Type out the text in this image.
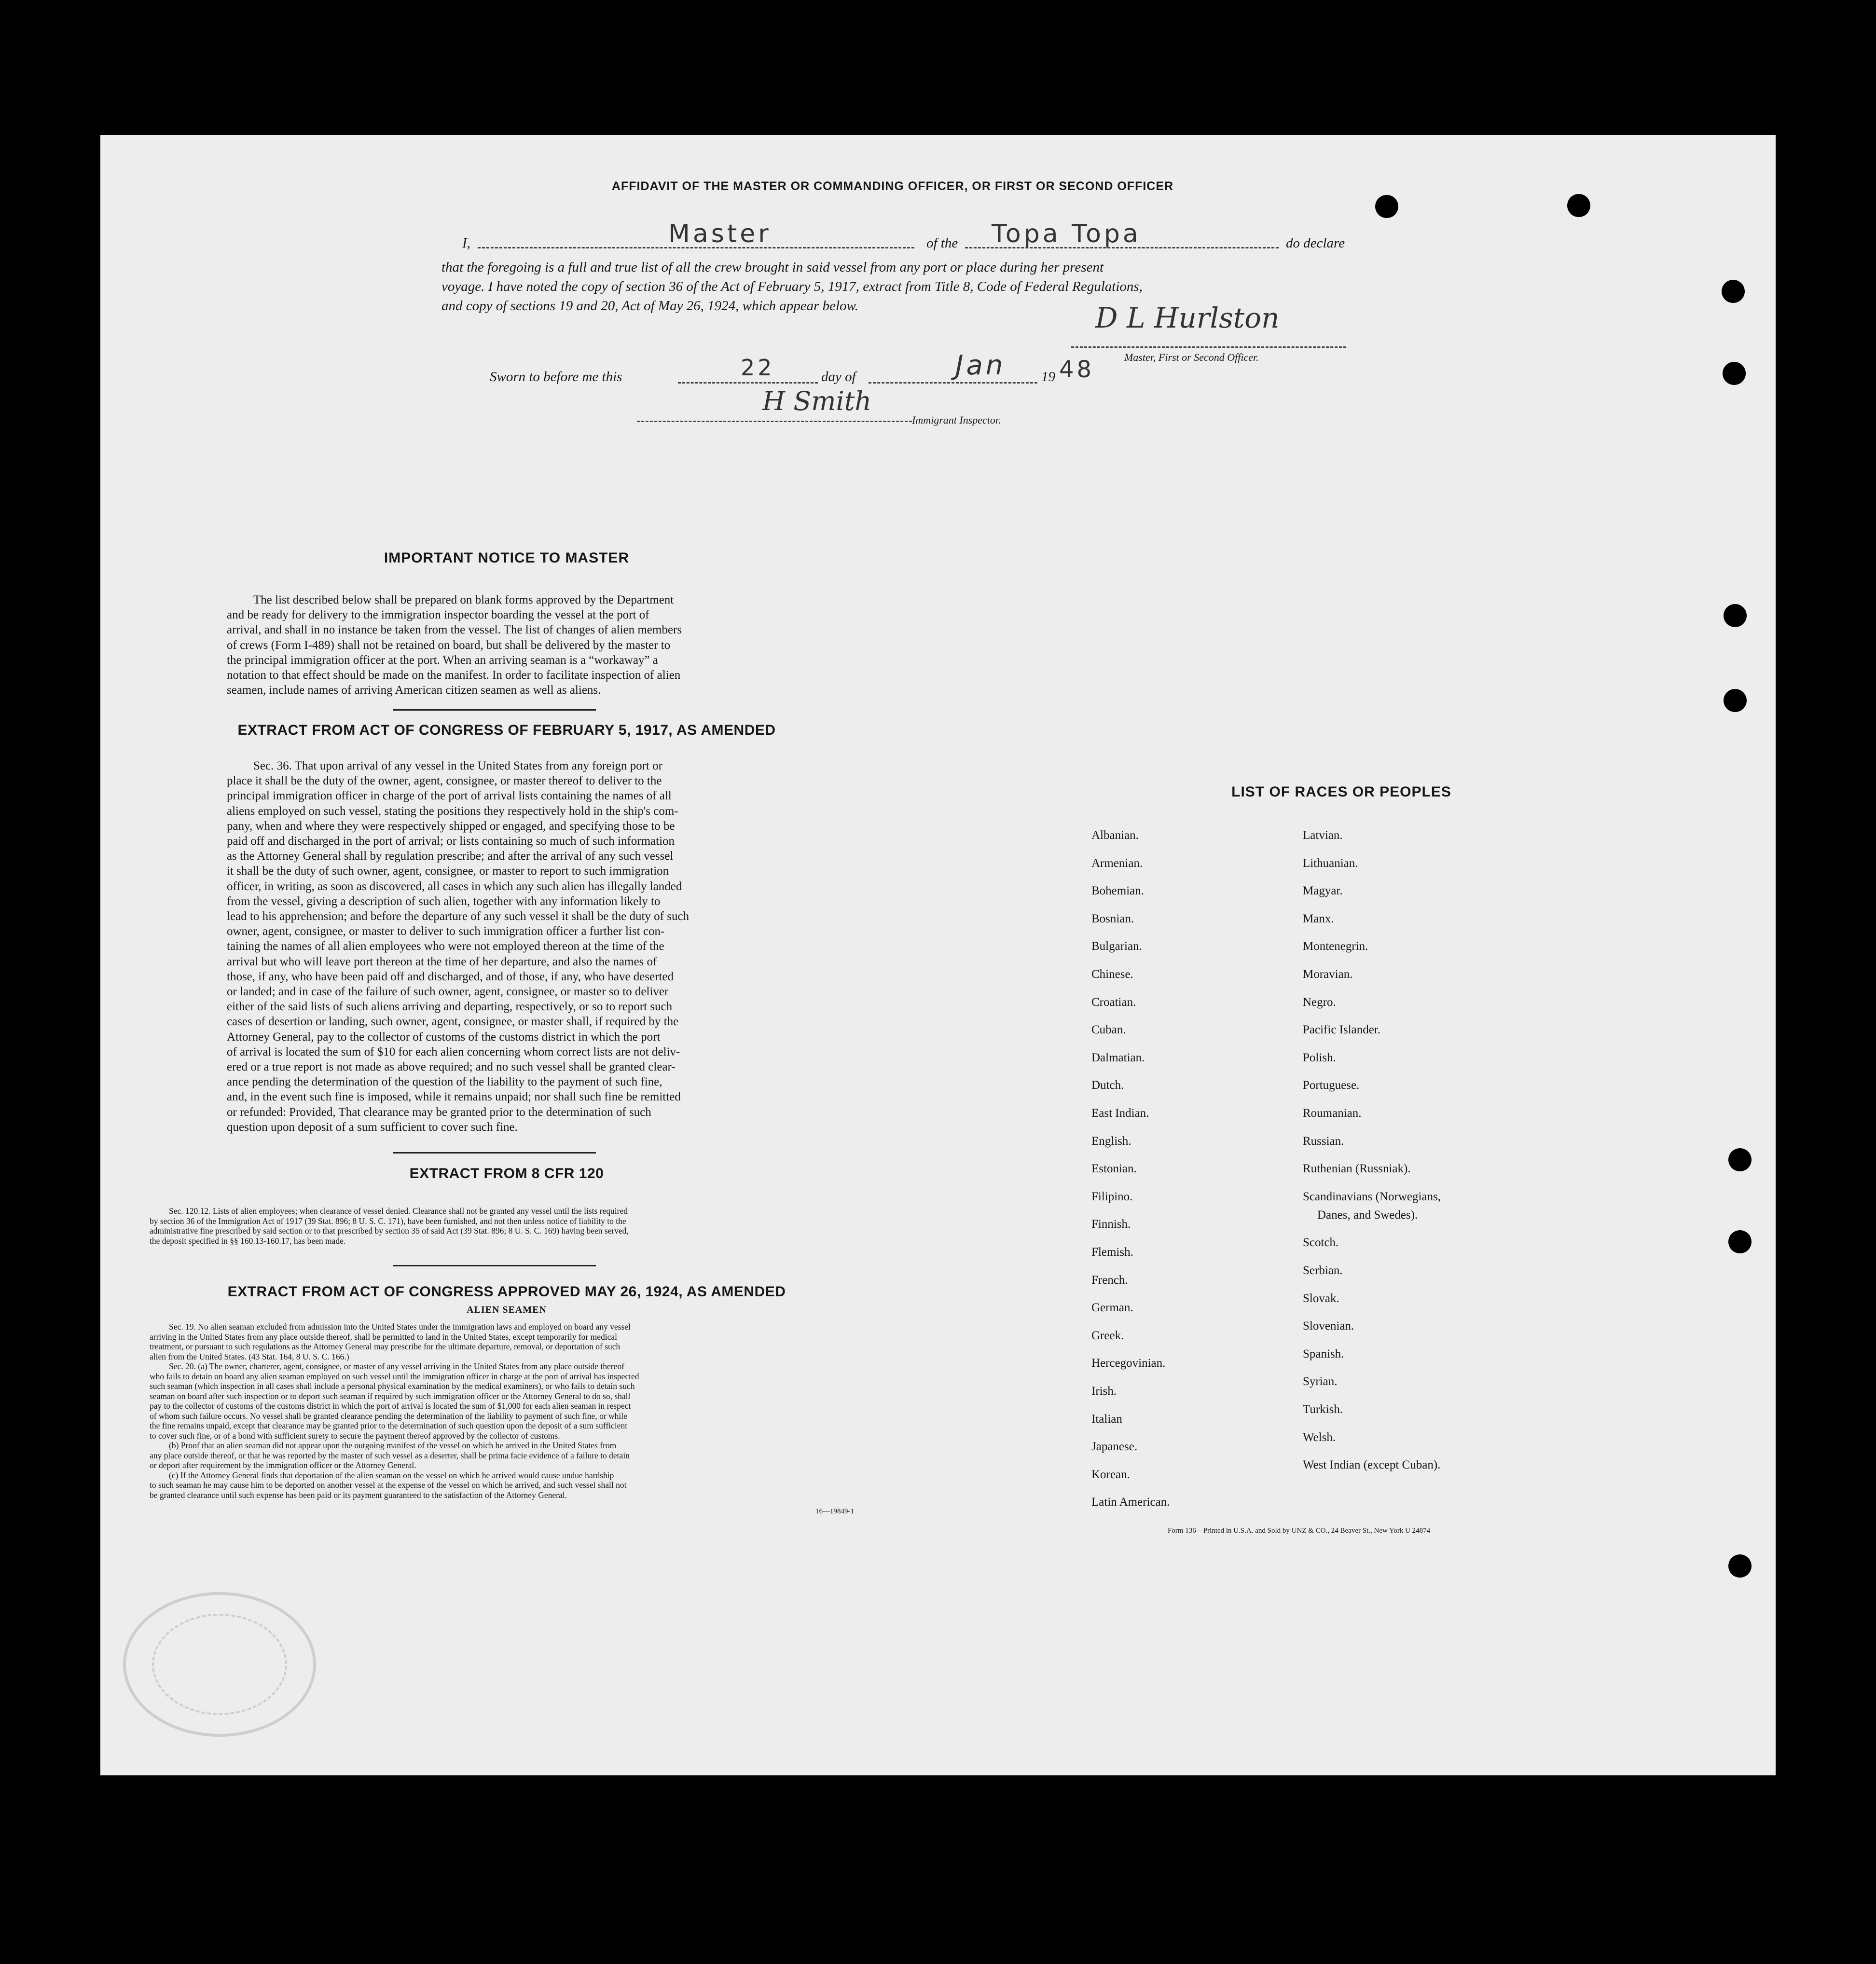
AFFIDAVIT OF THE MASTER OR COMMANDING OFFICER, OR FIRST OR SECOND OFFICER
I,	Master	of the Topa Topa	do declare
that the foregoing is a full and true list of all the crew brought in said vessel from any port or place during her present
voyage. I have noted the copy of section 36 of the Act of February 5, 1917, extract from Title 8, Code of Federal Regulations,
and copy of sections 19 and 20, Act of May 26, 1924, which appear below.	D L Hurlston
Master, First or Second Officer.
Sworn to before me this	22	day of	Jan	19 48
H Smith
Immigrant Inspector.
IMPORTANT NOTICE TO MASTER
The list described below shall be prepared on blank forms approved by the Department
and be ready for delivery to the immigration inspector boarding the vessel at the port of
arrival, and shall in no instance be taken from the vessel. The list of changes of alien members
of crews (Form I-489) shall not be retained on board, but shall be delivered by the master to
the principal immigration officer at the port. When an arriving seaman is a “workaway” a
notation to that effect should be made on the manifest. In order to facilitate inspection of alien
seamen, include names of arriving American citizen seamen as well as aliens.
EXTRACT FROM ACT OF CONGRESS OF FEBRUARY 5, 1917, AS AMENDED
Sec. 36. That upon arrival of any vessel in the United States from any foreign port or
place it shall be the duty of the owner, agent, consignee, or master thereof to deliver to the
principal immigration officer in charge of the port of arrival lists containing the names of all
aliens employed on such vessel, stating the positions they respectively hold in the ship's com-
pany, when and where they were respectively shipped or engaged, and specifying those to be
paid off and discharged in the port of arrival; or lists containing so much of such information
as the Attorney General shall by regulation prescribe; and after the arrival of any such vessel
it shall be the duty of such owner, agent, consignee, or master to report to such immigration
officer, in writing, as soon as discovered, all cases in which any such alien has illegally landed
from the vessel, giving a description of such alien, together with any information likely to
lead to his apprehension; and before the departure of any such vessel it shall be the duty of such
owner, agent, consignee, or master to deliver to such immigration officer a further list con-
taining the names of all alien employees who were not employed thereon at the time of the
arrival but who will leave port thereon at the time of her departure, and also the names of
those, if any, who have been paid off and discharged, and of those, if any, who have deserted
or landed; and in case of the failure of such owner, agent, consignee, or master so to deliver
either of the said lists of such aliens arriving and departing, respectively, or so to report such
cases of desertion or landing, such owner, agent, consignee, or master shall, if required by the
Attorney General, pay to the collector of customs of the customs district in which the port
of arrival is located the sum of $10 for each alien concerning whom correct lists are not deliv-
ered or a true report is not made as above required; and no such vessel shall be granted clear-
ance pending the determination of the question of the liability to the payment of such fine,
and, in the event such fine is imposed, while it remains unpaid; nor shall such fine be remitted
or refunded: Provided, That clearance may be granted prior to the determination of such
question upon deposit of a sum sufficient to cover such fine.
EXTRACT FROM 8 CFR 120
Sec. 120.12. Lists of alien employees; when clearance of vessel denied. Clearance shall not be granted any vessel until the lists required
by section 36 of the Immigration Act of 1917 (39 Stat. 896; 8 U. S. C. 171), have been furnished, and not then unless notice of liability to the
administrative fine prescribed by said section or to that prescribed by section 35 of said Act (39 Stat. 896; 8 U. S. C. 169) having been served,
the deposit specified in §§ 160.13-160.17, has been made.
EXTRACT FROM ACT OF CONGRESS APPROVED MAY 26, 1924, AS AMENDED
ALIEN SEAMEN
Sec. 19. No alien seaman excluded from admission into the United States under the immigration laws and employed on board any vessel
arriving in the United States from any place outside thereof, shall be permitted to land in the United States, except temporarily for medical
treatment, or pursuant to such regulations as the Attorney General may prescribe for the ultimate departure, removal, or deportation of such
alien from the United States. (43 Stat. 164, 8 U. S. C. 166.)
Sec. 20. (a) The owner, charterer, agent, consignee, or master of any vessel arriving in the United States from any place outside thereof
who fails to detain on board any alien seaman employed on such vessel until the immigration officer in charge at the port of arrival has inspected
such seaman (which inspection in all cases shall include a personal physical examination by the medical examiners), or who fails to detain such
seaman on board after such inspection or to deport such seaman if required by such immigration officer or the Attorney General to do so, shall
pay to the collector of customs of the customs district in which the port of arrival is located the sum of $1,000 for each alien seaman in respect
of whom such failure occurs. No vessel shall be granted clearance pending the determination of the liability to payment of such fine, or while
the fine remains unpaid, except that clearance may be granted prior to the determination of such question upon the deposit of a sum sufficient
to cover such fine, or of a bond with sufficient surety to secure the payment thereof approved by the collector of customs.
(b) Proof that an alien seaman did not appear upon the outgoing manifest of the vessel on which he arrived in the United States from
any place outside thereof, or that he was reported by the master of such vessel as a deserter, shall be prima facie evidence of a failure to detain
or deport after requirement by the immigration officer or the Attorney General.
(c) If the Attorney General finds that deportation of the alien seaman on the vessel on which he arrived would cause undue hardship
to such seaman he may cause him to be deported on another vessel at the expense of the vessel on which he arrived, and such vessel shall not
be granted clearance until such expense has been paid or its payment guaranteed to the satisfaction of the Attorney General.
16—19849-1
LIST OF RACES OR PEOPLES
Albanian.
Armenian.
Bohemian.
Bosnian.
Bulgarian.
Chinese.
Croatian.
Cuban.
Dalmatian.
Dutch.
East Indian.
English.
Estonian.
Filipino.
Finnish.
Flemish.
French.
German.
Greek.
Hercegovinian.
Irish.
Italian
Japanese.
Korean.
Latin American.
Latvian.
Lithuanian.
Magyar.
Manx.
Montenegrin.
Moravian.
Negro.
Pacific Islander.
Polish.
Portuguese.
Roumanian.
Russian.
Ruthenian (Russniak).
Scandinavians (Norwegians,
Danes, and Swedes).
Scotch.
Serbian.
Slovak.
Slovenian.
Spanish.
Syrian.
Turkish.
Welsh.
West Indian (except Cuban).
Form 136—Printed in U.S.A. and Sold by UNZ & CO., 24 Beaver St., New York U 24874
